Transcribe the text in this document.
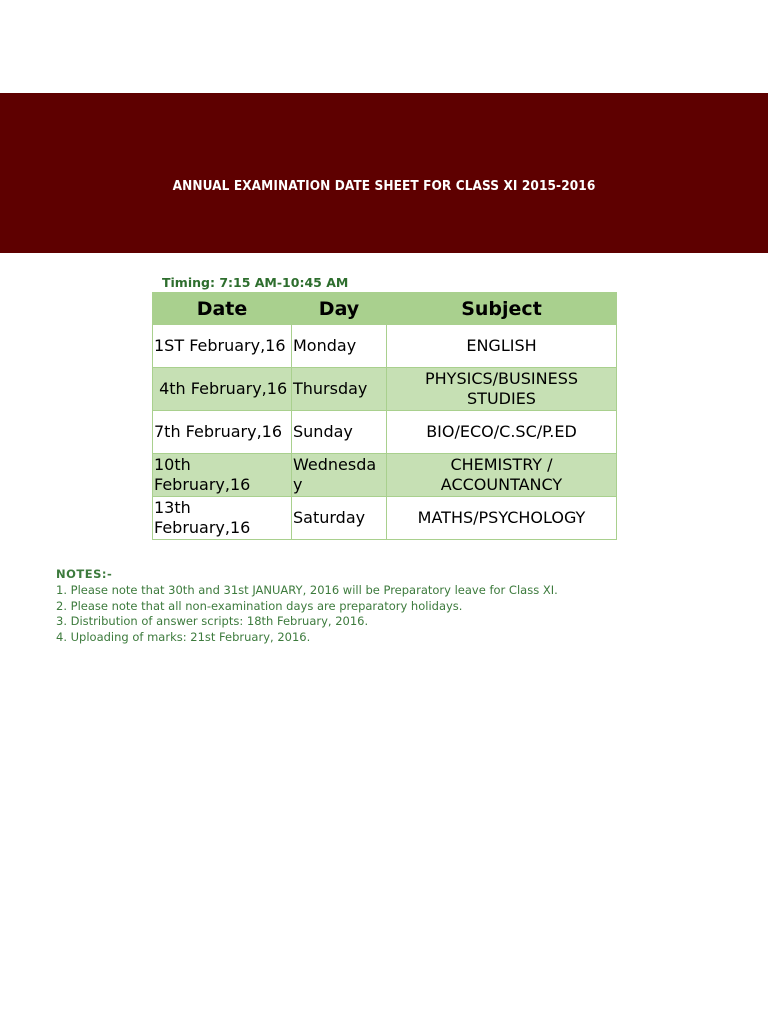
ANNUAL EXAMINATION DATE SHEET FOR CLASS XI 2015-2016
Timing: 7:15 AM-10:45 AM
Date	Day	Subject
1ST February,16	Monday	ENGLISH
4th February,16	Thursday	PHYSICS/BUSINESS STUDIES
7th February,16	Sunday	BIO/ECO/C.SC/P.ED
10th February,16	Wednesday	CHEMISTRY / ACCOUNTANCY
13th February,16	Saturday	MATHS/PSYCHOLOGY
NOTES:-
1. Please note that 30th and 31st JANUARY, 2016 will be Preparatory leave for Class XI.
2. Please note that all non-examination days are preparatory holidays.
3. Distribution of answer scripts: 18th February, 2016.
4. Uploading of marks: 21st February, 2016.
